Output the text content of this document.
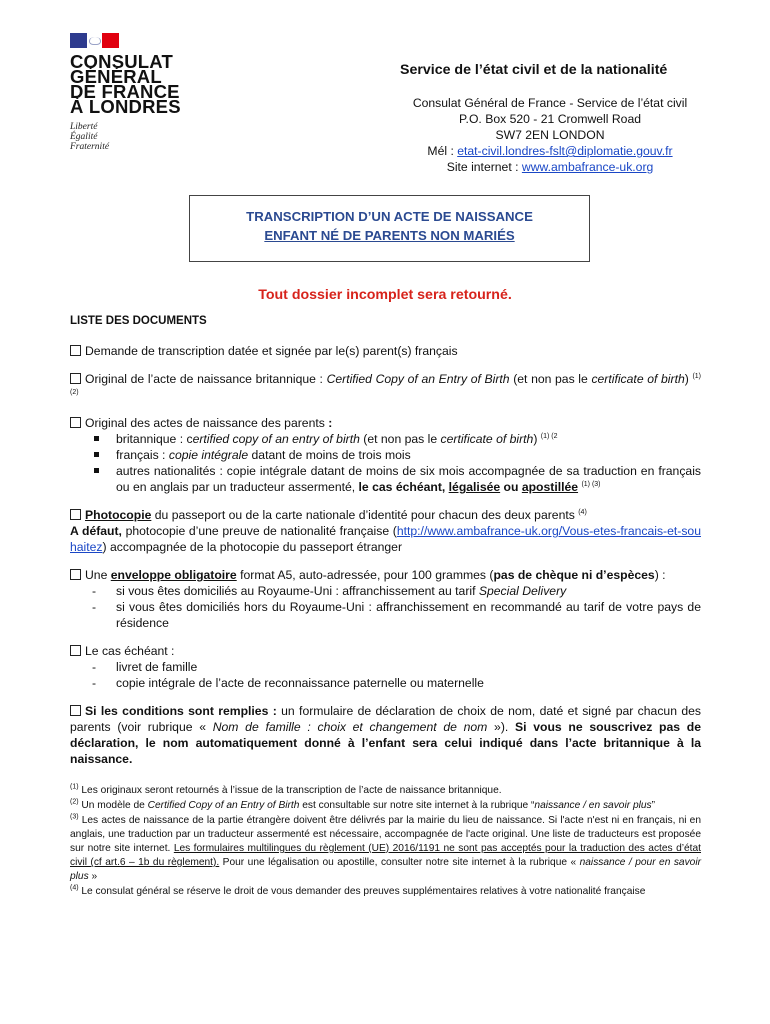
CONSULAT
GÉNÉRAL
DE FRANCE
À LONDRES
Liberté
Égalité
Fraternité
Service de l’état civil et de la nationalité
Consulat Général de France - Service de l’état civil
P.O. Box 520 - 21 Cromwell Road
SW7 2EN LONDON
Mél : etat-civil.londres-fslt@diplomatie.gouv.fr
Site internet : www.ambafrance-uk.org
TRANSCRIPTION D’UN ACTE DE NAISSANCE
ENFANT NÉ DE PARENTS NON MARIÉS
Tout dossier incomplet sera retourné.
LISTE DES DOCUMENTS
Demande de transcription datée et signée par le(s) parent(s) français
Original de l’acte de naissance britannique : Certified Copy of an Entry of Birth (et non pas le certificate of birth) $^{(1) (2)}$
Original des actes de naissance des parents :
britannique : certified copy of an entry of birth (et non pas le certificate of birth) $^{(1) (2}$
français : copie intégrale datant de moins de trois mois
autres nationalités : copie intégrale datant de moins de six mois accompagnée de sa traduction en français ou en anglais par un traducteur assermenté, le cas échéant, légalisée ou apostillée $^{(1) (3)}$
Photocopie du passeport ou de la carte nationale d’identité pour chacun des deux parents $^{(4)}$
A défaut, photocopie d’une preuve de nationalité française (http://www.ambafrance-uk.org/Vous-etes-francais-et-souhaitez) accompagnée de la photocopie du passeport étranger
Une enveloppe obligatoire format A5, auto-adressée, pour 100 grammes (pas de chèque ni d’espèces) :
- si vous êtes domiciliés au Royaume-Uni : affranchissement au tarif Special Delivery
- si vous êtes domiciliés hors du Royaume-Uni : affranchissement en recommandé au tarif de votre pays de résidence
Le cas échéant :
- livret de famille
- copie intégrale de l’acte de reconnaissance paternelle ou maternelle
Si les conditions sont remplies : un formulaire de déclaration de choix de nom, daté et signé par chacun des parents (voir rubrique « Nom de famille : choix et changement de nom »). Si vous ne souscrivez pas de déclaration, le nom automatiquement donné à l’enfant sera celui indiqué dans l’acte britannique à la naissance.
$^{(1)}$ Les originaux seront retournés à l’issue de la transcription de l’acte de naissance britannique.
$^{(2)}$ Un modèle de Certified Copy of an Entry of Birth est consultable sur notre site internet à la rubrique “naissance / en savoir plus”
$^{(3)}$ Les actes de naissance de la partie étrangère doivent être délivrés par la mairie du lieu de naissance. Si l'acte n'est ni en français, ni en anglais, une traduction par un traducteur assermenté est nécessaire, accompagnée de l'acte original. Une liste de traducteurs est proposée sur notre site internet. Les formulaires multilingues du règlement (UE) 2016/1191 ne sont pas acceptés pour la traduction des actes d’état civil (cf art.6 – 1b du règlement). Pour une légalisation ou apostille, consulter notre site internet à la rubrique « naissance / pour en savoir plus »
$^{(4)}$ Le consulat général se réserve le droit de vous demander des preuves supplémentaires relatives à votre nationalité française
